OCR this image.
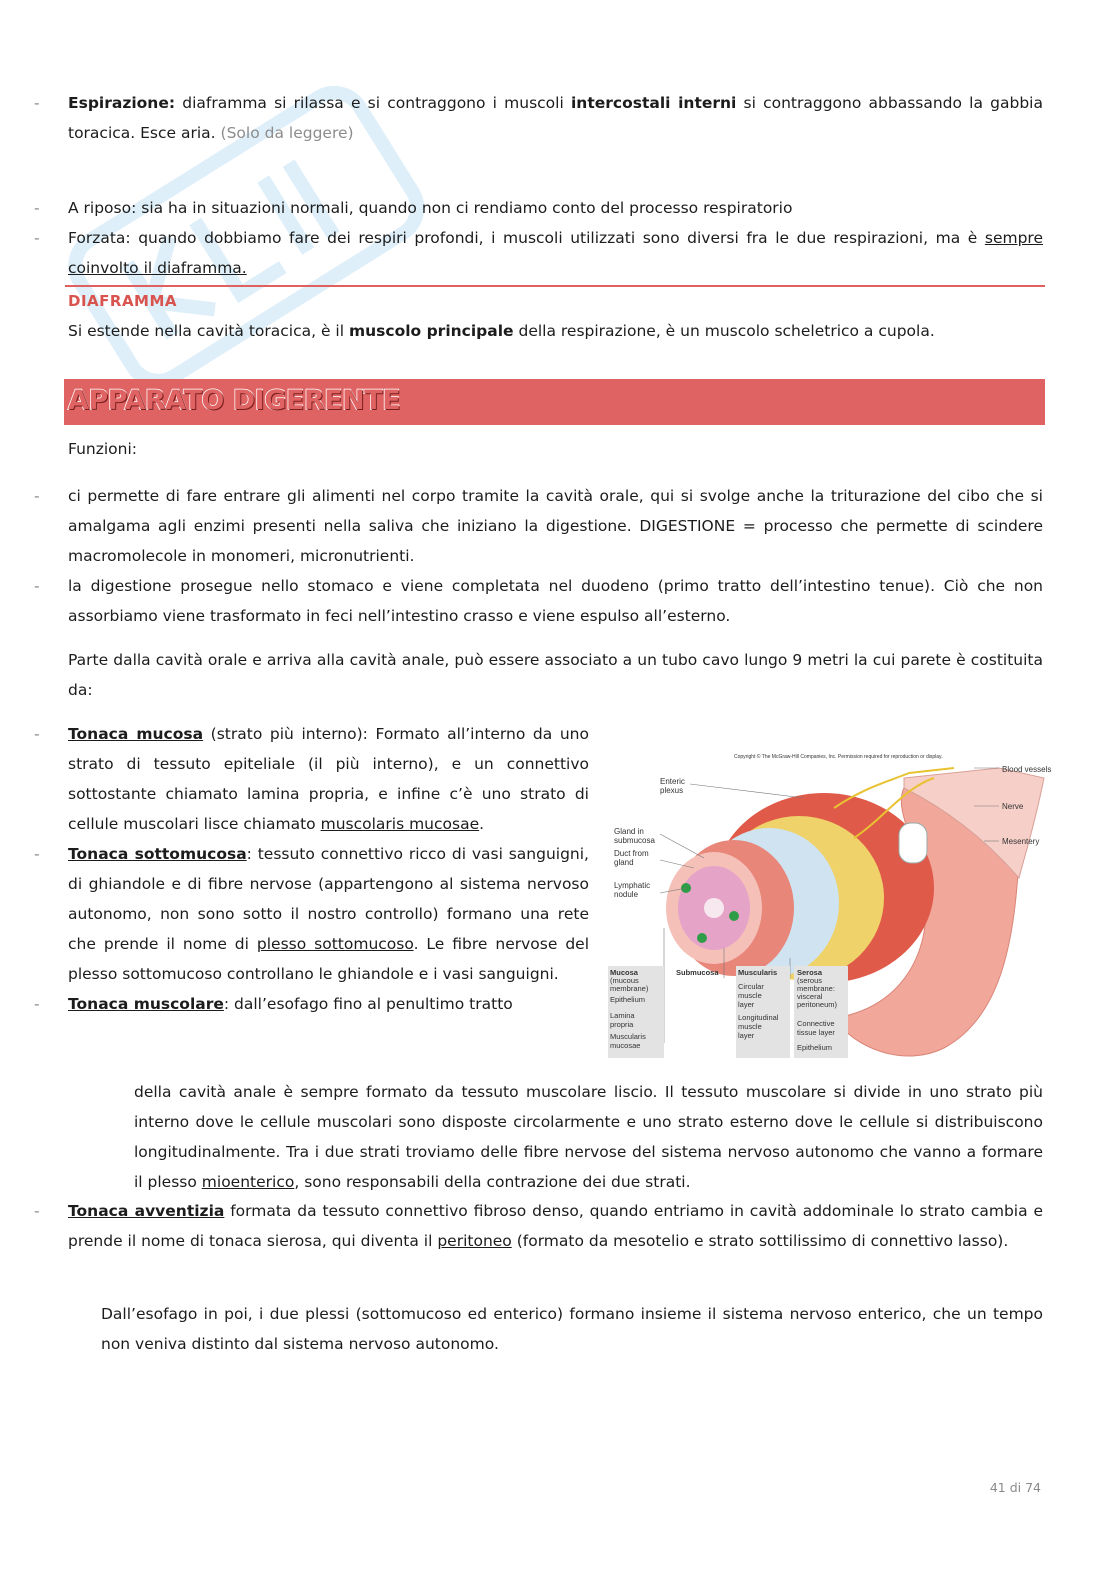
- Espirazione: diaframma si rilassa e si contraggono i muscoli intercostali interni si contraggono abbassando la gabbia toracica. Esce aria. (Solo da leggere)
- A riposo: sia ha in situazioni normali, quando non ci rendiamo conto del processo respiratorio
- Forzata: quando dobbiamo fare dei respiri profondi, i muscoli utilizzati sono diversi fra le due respirazioni, ma è sempre coinvolto il diaframma.
DIAFRAMMA
Si estende nella cavità toracica, è il muscolo principale della respirazione, è un muscolo scheletrico a cupola.
APPARATO DIGERENTE
Funzioni:
- ci permette di fare entrare gli alimenti nel corpo tramite la cavità orale, qui si svolge anche la triturazione del cibo che si amalgama agli enzimi presenti nella saliva che iniziano la digestione. DIGESTIONE = processo che permette di scindere macromolecole in monomeri, micronutrienti.
- la digestione prosegue nello stomaco e viene completata nel duodeno (primo tratto dell’intestino tenue). Ciò che non assorbiamo viene trasformato in feci nell’intestino crasso e viene espulso all’esterno.
Parte dalla cavità orale e arriva alla cavità anale, può essere associato a un tubo cavo lungo 9 metri la cui parete è costituita da:
- Tonaca mucosa (strato più interno): Formato all’interno da uno strato di tessuto epiteliale (il più interno), e un connettivo sottostante chiamato lamina propria, e infine c’è uno strato di cellule muscolari lisce chiamato muscolaris mucosae.
- Tonaca sottomucosa: tessuto connettivo ricco di vasi sanguigni, di ghiandole e di fibre nervose (appartengono al sistema nervoso autonomo, non sono sotto il nostro controllo) formano una rete che prende il nome di plesso sottomucoso. Le fibre nervose del plesso sottomucoso controllano le ghiandole e i vasi sanguigni.
- Tonaca muscolare: dall’esofago fino al penultimo tratto
della cavità anale è sempre formato da tessuto muscolare liscio. Il tessuto muscolare si divide in uno strato più interno dove le cellule muscolari sono disposte circolarmente e uno strato esterno dove le cellule si distribuiscono longitudinalmente. Tra i due strati troviamo delle fibre nervose del sistema nervoso autonomo che vanno a formare il plesso mioenterico, sono responsabili della contrazione dei due strati.
- Tonaca avventizia formata da tessuto connettivo fibroso denso, quando entriamo in cavità addominale lo strato cambia e prende il nome di tonaca sierosa, qui diventa il peritoneo (formato da mesotelio e strato sottilissimo di connettivo lasso).
Dall’esofago in poi, i due plessi (sottomucoso ed enterico) formano insieme il sistema nervoso enterico, che un tempo non veniva distinto dal sistema nervoso autonomo.
Copyright © The McGraw-Hill Companies, Inc. Permission required for reproduction or display.
Enteric
plexus
Blood vessels
Nerve
Mesentery
Gland in
submucosa
Duct from
gland
Lymphatic
nodule
Mucosa
(mucous
membrane)
Epithelium
Lamina
propria
Muscularis
mucosae
Submucosa	Muscularis
Circular
muscle
layer
Longitudinal
muscle
layer
Serosa
(serous
membrane:
visceral
peritoneum)
Connective
tissue layer
Epithelium
41 di 74
